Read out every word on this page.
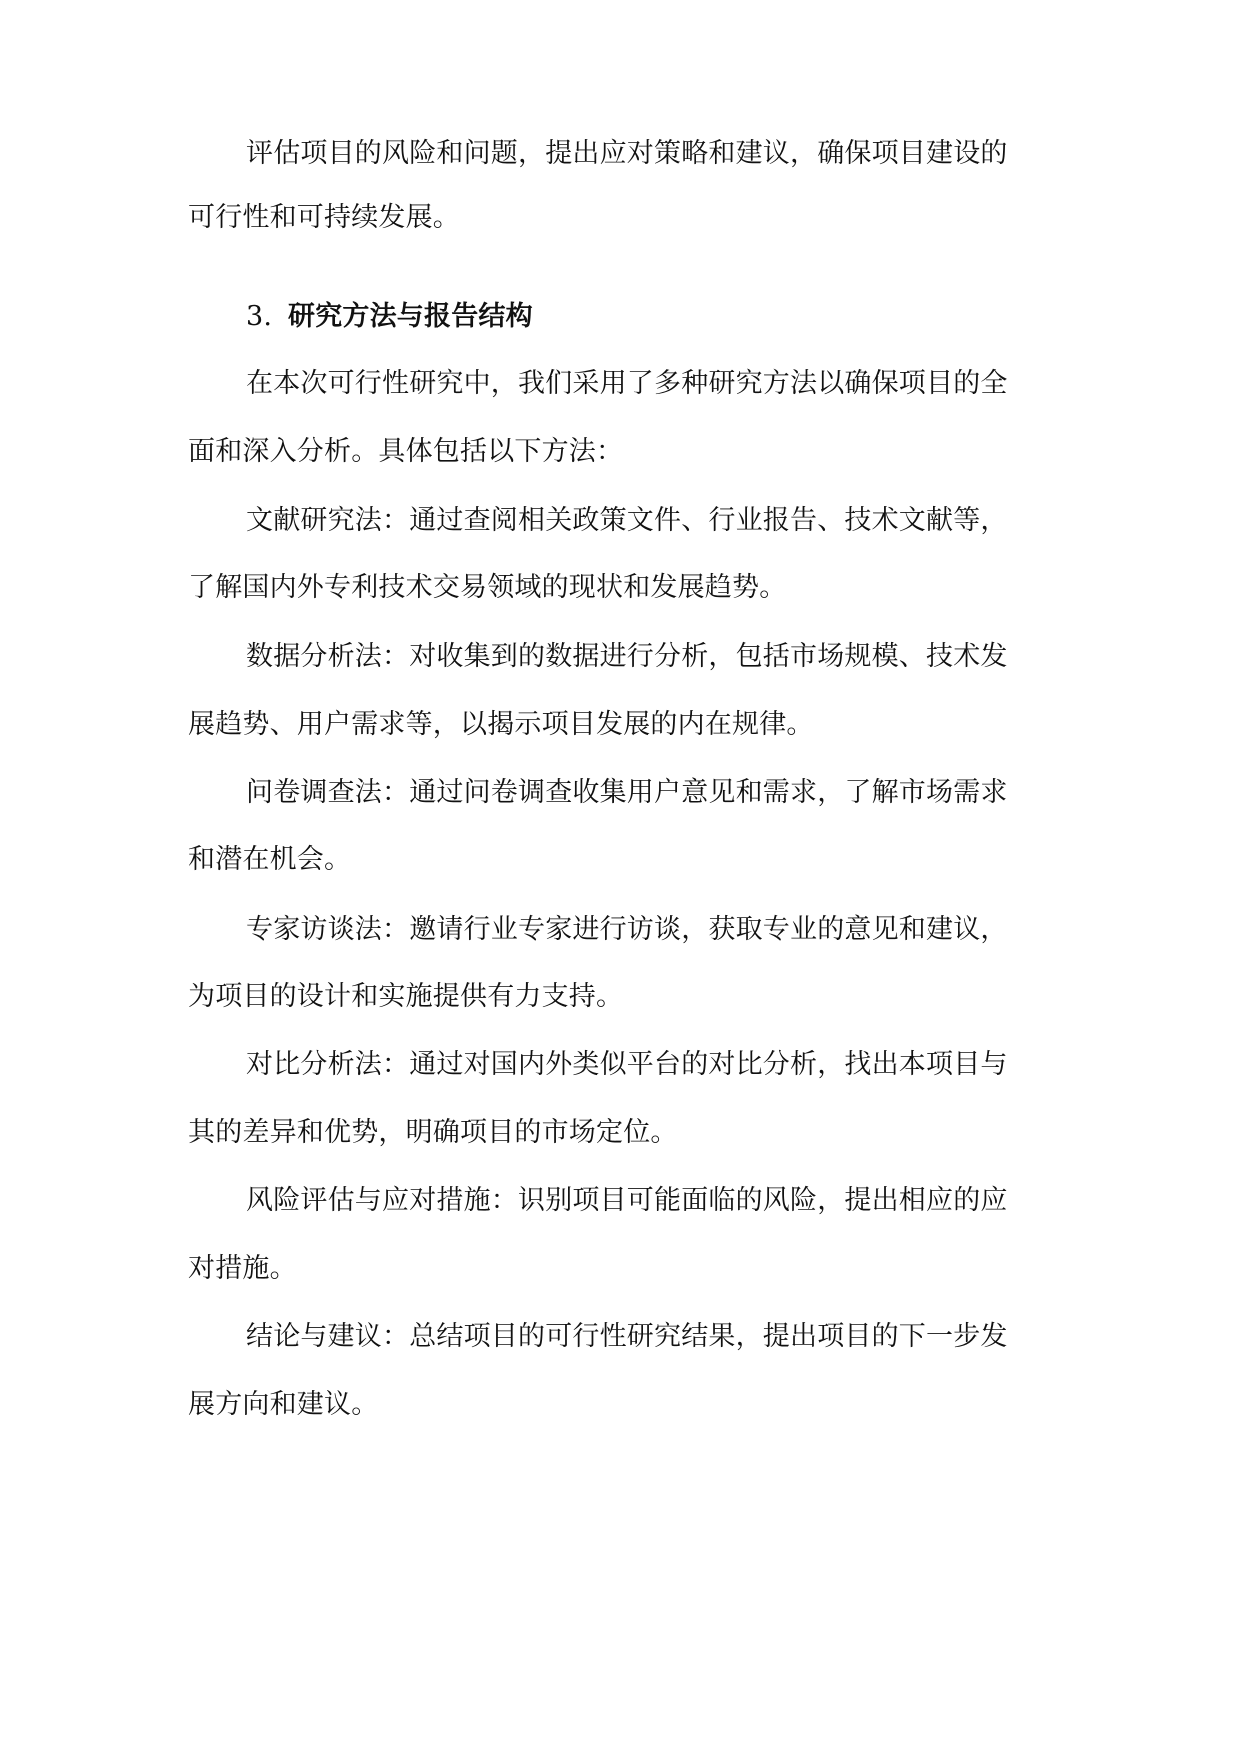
评估项目的风险和问题，提出应对策略和建议，确保项目建设的
可行性和可持续发展。
3. 研究方法与报告结构
在本次可行性研究中，我们采用了多种研究方法以确保项目的全
面和深入分析。具体包括以下方法：
文献研究法：通过查阅相关政策文件、行业报告、技术文献等，
了解国内外专利技术交易领域的现状和发展趋势。
数据分析法：对收集到的数据进行分析，包括市场规模、技术发
展趋势、用户需求等，以揭示项目发展的内在规律。
问卷调查法：通过问卷调查收集用户意见和需求，了解市场需求
和潜在机会。
专家访谈法：邀请行业专家进行访谈，获取专业的意见和建议，
为项目的设计和实施提供有力支持。
对比分析法：通过对国内外类似平台的对比分析，找出本项目与
其的差异和优势，明确项目的市场定位。
风险评估与应对措施：识别项目可能面临的风险，提出相应的应
对措施。
结论与建议：总结项目的可行性研究结果，提出项目的下一步发
展方向和建议。
